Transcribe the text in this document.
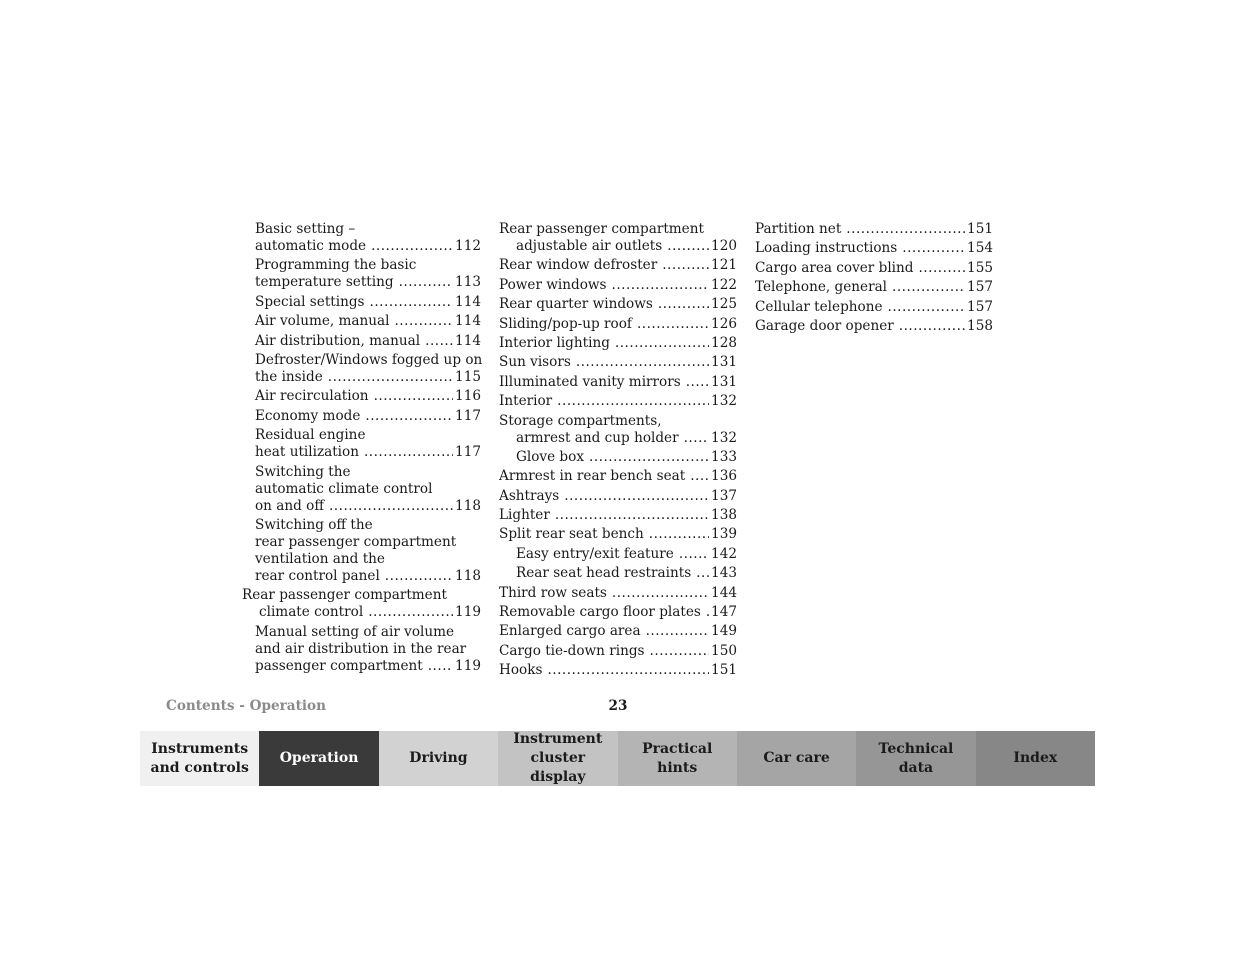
Basic setting –
automatic mode .....	112
Programming the basic
temperature setting .....	113
Special settings .....	114
Air volume, manual .....	114
Air distribution, manual .....	114
Defroster/Windows fogged up on
the inside .....	115
Air recirculation .....	116
Economy mode .....	117
Residual engine
heat utilization .....	117
Switching the
automatic climate control
on and off .....	118
Switching off the
rear passenger compartment
ventilation and the
rear control panel .....	118
Rear passenger compartment
climate control .....	119
Manual setting of air volume
and air distribution in the rear
passenger compartment ..... 119
Rear passenger compartment
adjustable air outlets .....	120
Rear window defroster .....	121
Power windows .....	122
Rear quarter windows .....	125
Sliding/pop-up roof .....	126
Interior lighting .....	128
Sun visors .....	131
Illuminated vanity mirrors ..... 131
Interior .....	132
Storage compartments,
armrest and cup holder ..... 132
Glove box .....	133
Armrest in rear bench seat ..... 136
Ashtrays .....	137
Lighter .....	138
Split rear seat bench .....	139
Easy entry/exit feature .....	142
Rear seat head restraints ..... 143
Third row seats .....	144
Removable cargo floor plates ..... 147
Enlarged cargo area .....	149
Cargo tie-down rings .....	150
Hooks .....	151
Partition net .....	151
Loading instructions .....	154
Cargo area cover blind .....	155
Telephone, general .....	157
Cellular telephone .....	157
Garage door opener .....	158
Contents - Operation	23
Instruments
and controls
Operation	Driving
Instrument
cluster display
Practical hints
Car care
Technical
data
Index
